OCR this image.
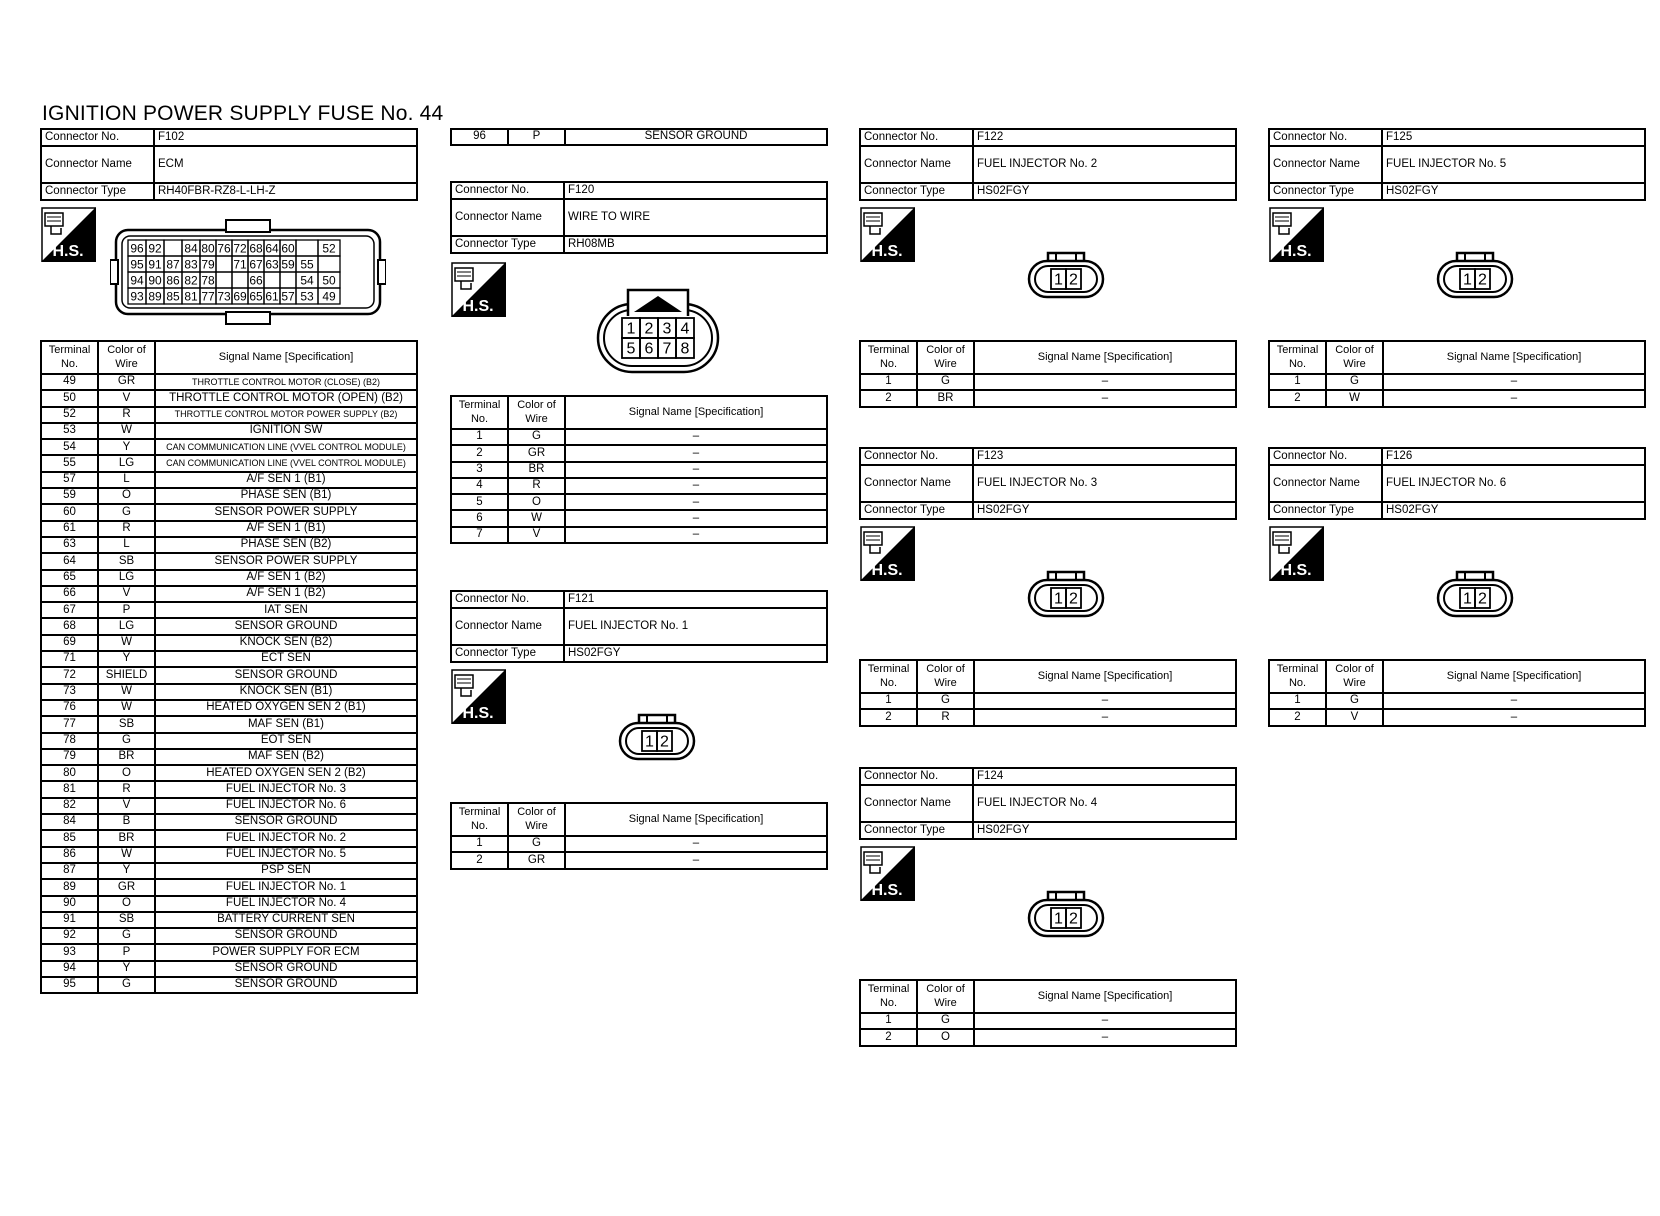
IGNITION POWER SUPPLY FUSE No. 44
Connector No.	F102
Connector Name	ECM
Connector Type	RH40FBR-RZ8-L-LH-Z
H.S.	96 92 84 80 76 72 68 64 60 52
95 91 87 83 79 71 67 63 59 55
94 90 86 82 78	66	54 50
93 89 85 81 77 73 69 65 61 57 53 49
Terminal No.	Color of Wire	Signal Name [Specification]
49	GR	THROTTLE CONTROL MOTOR (CLOSE) (B2)
50	V	THROTTLE CONTROL MOTOR (OPEN) (B2)
52	R	THROTTLE CONTROL MOTOR POWER SUPPLY (B2)
53	W	IGNITION SW
54	Y	CAN COMMUNICATION LINE (VVEL CONTROL MODULE)
55	LG	CAN COMMUNICATION LINE (VVEL CONTROL MODULE)
57	L	A/F SEN 1 (B1)
59	O	PHASE SEN (B1)
60	G	SENSOR POWER SUPPLY
61	R	A/F SEN 1 (B1)
63	L	PHASE SEN (B2)
64	SB	SENSOR POWER SUPPLY
65	LG	A/F SEN 1 (B2)
66	V	A/F SEN 1 (B2)
67	P	IAT SEN
68	LG	SENSOR GROUND
69	W	KNOCK SEN (B2)
71	Y	ECT SEN
72	SHIELD	SENSOR GROUND
73	W	KNOCK SEN (B1)
76	W	HEATED OXYGEN SEN 2 (B1)
77	SB	MAF SEN (B1)
78	G	EOT SEN
79	BR	MAF SEN (B2)
80	O	HEATED OXYGEN SEN 2 (B2)
81	R	FUEL INJECTOR No. 3
82	V	FUEL INJECTOR No. 6
84	B	SENSOR GROUND
85	BR	FUEL INJECTOR No. 2
86	W	FUEL INJECTOR No. 5
87	Y	PSP SEN
89	GR	FUEL INJECTOR No. 1
90	O	FUEL INJECTOR No. 4
91	SB	BATTERY CURRENT SEN
92	G	SENSOR GROUND
93	P	POWER SUPPLY FOR ECM
94	Y	SENSOR GROUND
95	G	SENSOR GROUND
96	P	SENSOR GROUND
Connector No.	F120
Connector Name	WIRE TO WIRE
Connector Type	RH08MB
H.S.
1 2 3 4
5 6 7 8
Terminal No.	Color of Wire	Signal Name [Specification]
1	G	–
2	GR	–
3	BR	–
4	R	–
5	O	–
6	W	–
7	V	–
Connector No.	F121
Connector Name	FUEL INJECTOR No. 1
Connector Type	HS02FGY
H.S.
1 2
Terminal No.	Color of Wire	Signal Name [Specification]
1	G	–
2	GR	–
Connector No.	F122
Connector Name	FUEL INJECTOR No. 2
Connector Type	HS02FGY
H.S.
1 2
Terminal No.	Color of Wire	Signal Name [Specification]
1	G	–
2	BR	–
Connector No.	F123
Connector Name	FUEL INJECTOR No. 3
Connector Type	HS02FGY
H.S.
1 2
Terminal No.	Color of Wire	Signal Name [Specification]
1	G	–
2	R	–
Connector No.	F124
Connector Name	FUEL INJECTOR No. 4
Connector Type	HS02FGY
H.S.
1 2
Terminal No.	Color of Wire	Signal Name [Specification]
1	G	–
2	O	–
Connector No.	F125
Connector Name	FUEL INJECTOR No. 5
Connector Type	HS02FGY
H.S.
1 2
Terminal No.	Color of Wire	Signal Name [Specification]
1	G	–
2	W	–
Connector No.	F126
Connector Name	FUEL INJECTOR No. 6
Connector Type	HS02FGY
H.S.
1 2
Terminal No.	Color of Wire	Signal Name [Specification]
1	G	–
2	V	–
